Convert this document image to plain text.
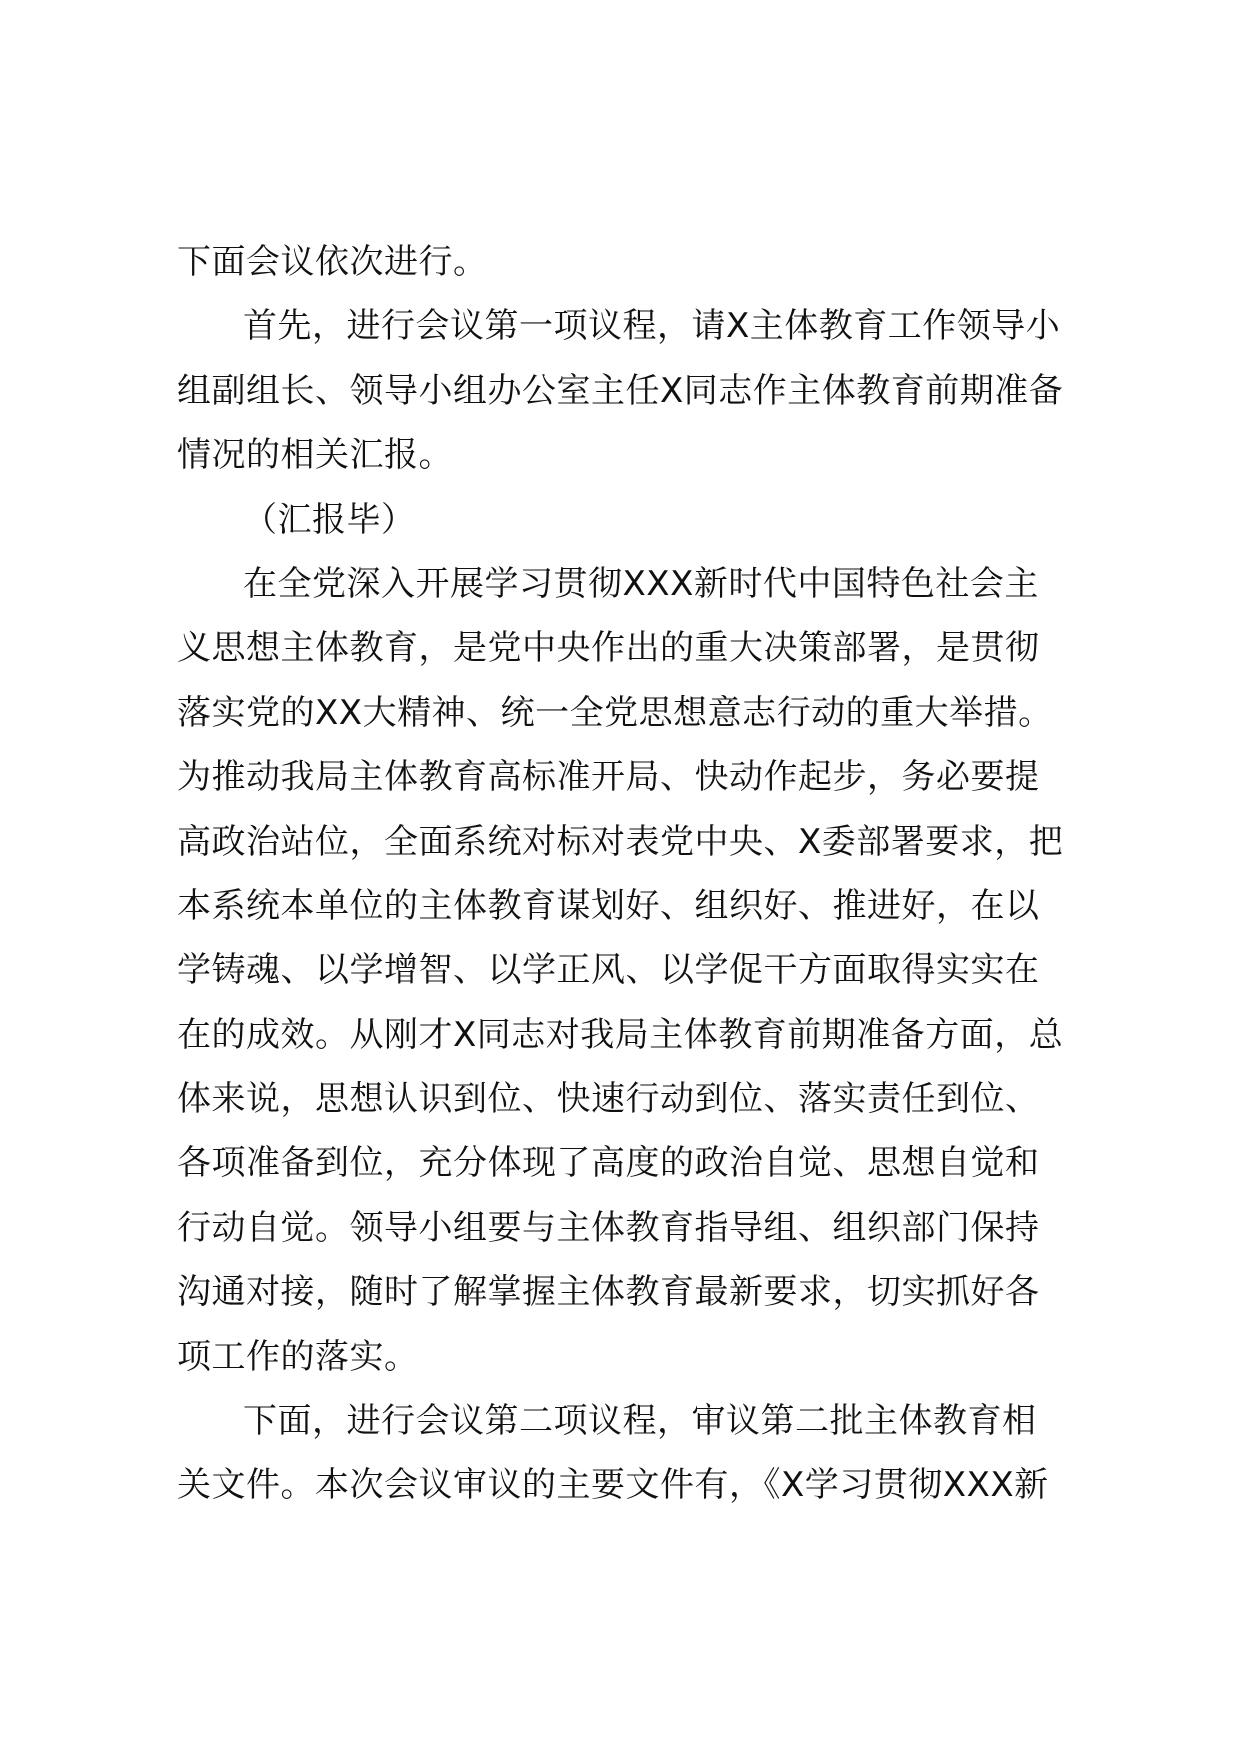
下面会议依次进行。
首先，进行会议第一项议程，请X主体教育工作领导小
组副组长、领导小组办公室主任X同志作主体教育前期准备
情况的相关汇报。
（汇报毕）
在全党深入开展学习贯彻XXX新时代中国特色社会主
义思想主体教育，是党中央作出的重大决策部署，是贯彻
落实党的XX大精神、统一全党思想意志行动的重大举措。
为推动我局主体教育高标准开局、快动作起步，务必要提
高政治站位，全面系统对标对表党中央、X委部署要求，把
本系统本单位的主体教育谋划好、组织好、推进好，在以
学铸魂、以学增智、以学正风、以学促干方面取得实实在
在的成效。从刚才X同志对我局主体教育前期准备方面，总
体来说，思想认识到位、快速行动到位、落实责任到位、
各项准备到位，充分体现了高度的政治自觉、思想自觉和
行动自觉。领导小组要与主体教育指导组、组织部门保持
沟通对接，随时了解掌握主体教育最新要求，切实抓好各
项工作的落实。
下面，进行会议第二项议程，审议第二批主体教育相
关文件。本次会议审议的主要文件有，《X学习贯彻XXX新
